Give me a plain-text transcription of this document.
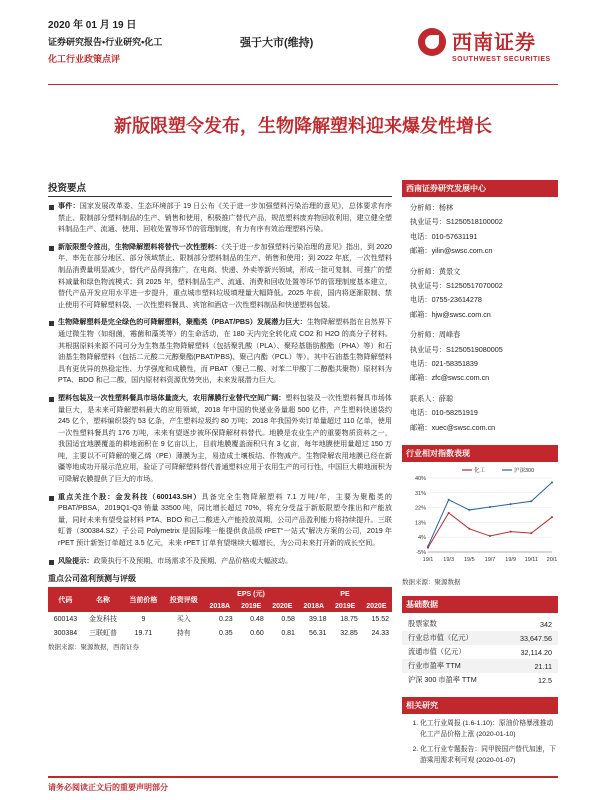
2020 年 01 月 19 日
证券研究报告•行业研究•化工
化工行业政策点评
强于大市(维持)	西南证券
SOUTHWEST SECURITIES
新版限塑令发布，生物降解塑料迎来爆发性增长
投资要点
事件：国家发展改革委、生态环境部于 19 日公布《关于进一步加强塑料污染治理的意见》，总体要求有序禁止、限制部分塑料制品的生产、销售和使用，积极推广替代产品，规范塑料废弃物回收利用，建立健全塑料制品生产、流通、使用、回收处置等环节的管理制度，有力有序有效治理塑料污染。
新版限塑令推出，生物降解塑料将替代一次性塑料：《关于进一步加强塑料污染治理的意见》指出，到 2020 年，率先在部分地区、部分领域禁止、限制部分塑料制品的生产、销售和使用；到 2022 年底，一次性塑料制品消费量明显减少，替代产品得到推广，在电商、快递、外卖等新兴领域，形成一批可复制、可推广的塑料减量和绿色物流模式；到 2025 年，塑料制品生产、流通、消费和回收处置等环节的管理制度基本建立，替代产品开发应用水平进一步提升，重点城市塑料垃圾填埋量大幅降低。2025 年前，国内将逐渐限制、禁止使用不可降解塑料袋、一次性塑料餐具、宾馆和酒店一次性塑料制品和快递塑料包装。
生物降解塑料是完全绿色的可降解塑料，聚酯类（PBAT/PBS）发展潜力巨大：生物降解塑料指在自然界下通过微生物（如细菌，霉菌和藻类等）的生命活动，在 180 天内完全转化成 CO2 和 H2O 的高分子材料。其根据原料来源不同可分为生物基生物降解塑料（包括聚乳酸（PLA）、聚羟基脂肪酸酯（PHA）等）和石油基生物降解塑料（包括二元酸二元醇聚酯(PBAT/PBS)、聚己内酯（PCL）等）。其中石油基生物降解塑料具有更优异的热稳定性、力学强度和成膜性，而 PBAT（聚己二酸、对苯二甲酸丁二醇酯共聚物）原材料为 PTA、BDO 和己二酸，国内原材料资源优势突出，未来发展潜力巨大。
塑料包装及一次性塑料餐具市场体量庞大，农用薄膜行业替代空间广阔：塑料包装及一次性塑料餐具市场体量巨大，是未来可降解塑料最大的应用领域，2018 年中国的快递业务量超 500 亿件，产生塑料快递袋约 245 亿个，塑料编织袋约 53 亿条，产生塑料垃圾约 80 万吨；2018 年我国外卖订单量超过 110 亿单，使用一次性塑料餐具约 176 万吨，未来有望逐步被环保降解材料替代。地膜是农业生产的重要物质资料之一，我国适宜地膜覆盖的耕地面积在 9 亿亩以上，目前地膜覆盖面积只有 3 亿亩，每年地膜使用量超过 150 万吨，主要以不可降解的聚乙烯（PE）薄膜为主，易造成土壤板结、作物减产。生物降解农用地膜已经在新疆等地成功开展示范应用，验证了可降解塑料替代普通塑料应用于农用生产的可行性，中国巨大耕地面积为可降解农膜提供了巨大的市场。
重点关注个股：金发科技（600143.SH）具备完全生物降解塑料 7.1 万吨/年，主要为聚酯类的 PBAT/PBSA，2019Q1-Q3 销量 33500 吨，同比增长超过 70%，将充分受益于新版限塑令推出和产能放量，同时未来有望受益材料 PTA、BDO 和己二酸进入产能投放周期，公司产品盈利能力将持续提升。三联虹普（300384.SZ）子公司 Polymetrix 是国际唯一能提供食品级 rPET“一站式”解决方案的公司，2019 年 rPET 预计新签订单超过 3.5 亿元，未来 rPET 订单有望继续大幅增长，为公司未来打开新的成长空间。
风险提示：政策执行不及预期、市场需求不及预期、产品价格或大幅波动。
重点公司盈利预测与评级
代码	名称	当前价格	投资评级	EPS (元)			PE		
				2018A	2019E	2020E	2018A	2019E	2020E
600143	金发科技	9	买入	0.23	0.48	0.58	39.18	18.75	15.52
300384	三联虹普	19.71	持有	0.35	0.60	0.81	56.31	32.85	24.33
数据来源：聚源数据，西南证券
西南证券研究发展中心
分析师：杨林
执业证号：S1250518100002
电话：010-57631191
邮箱：yilin@swsc.com.cn
分析师：黄景文
执业证号：S1250517070002
电话：0755-23614278
邮箱：hjw@swsc.com.cn
分析师：周峰春
执业证号：S1250519080005
电话：021-58351839
邮箱：zfc@swsc.com.cn
联系人：薛聪
电话：010-58251919
邮箱：xuec@swsc.com.cn
行业相对指数表现
40%
31%
22%
13%
4%
-5%
19/1 19/3 19/5 19/7 19/9 19/11 20/1
化工	沪深300
数据来源：聚源数据
基础数据
股票家数	342
行业总市值（亿元）	33,647.56
流通市值（亿元）	32,114.20
行业市盈率 TTM	21.11
沪深 300 市盈率 TTM	12.5
相关研究
1. 化工行业周报 (1.6-1.10)：原油价格暴涨推动化工产品价格上涨 (2020-01-10)
2. 化工行业专题报告：同甲胺国产替代加速，下游乘用需求利可观 (2020-01-07)
请务必阅读正文后的重要声明部分
